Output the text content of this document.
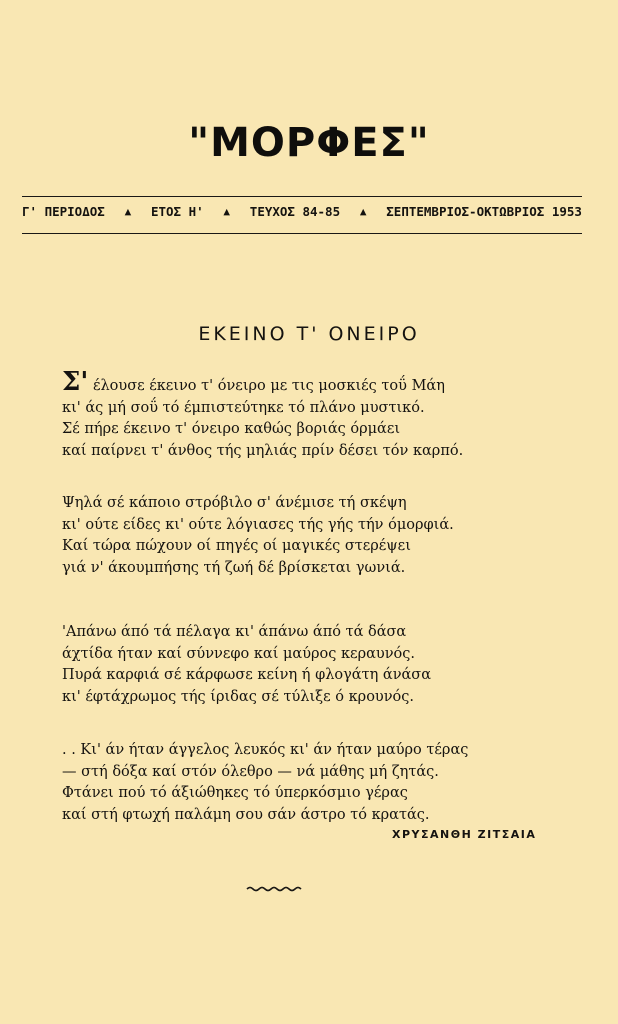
"ΜΟΡΦΕΣ"
Γ' ΠΕΡΙΟΔΟΣ ▲ ΕΤΟΣ Η' ▲ ΤΕΥΧΟΣ 84-85 ▲ ΣΕΠΤΕΜΒΡΙΟΣ-ΟΚΤΩΒΡΙΟΣ 1953
ΕΚΕΙΝΟ Τ' ΟΝΕΙΡΟ
Σ' έλουσε έκεινο τ' όνειρο με τις μοσκιές τοΰ Μάη
κι' άς μή σοΰ τό έμπιστεύτηκε τό πλάνο μυστικό.
Σέ πήρε έκεινο τ' όνειρο καθώς βοριάς όρμάει
καί παίρνει τ' άνθος τής μηλιάς πρίν δέσει τόν καρπό.
Ψηλά σέ κάποιο στρόβιλο σ' άνέμισε τή σκέψη
κι' ούτε είδες κι' ούτε λόγιασες τής γής τήν όμορφιά.
Καί τώρα πώχουν οί πηγές οί μαγικές στερέψει
γιά ν' άκουμπήσης τή ζωή δέ βρίσκεται γωνιά.
'Απάνω άπό τά πέλαγα κι' άπάνω άπό τά δάσα
άχτίδα ήταν καί σύννεφο καί μαύρος κεραυνός.
Πυρά καρφιά σέ κάρφωσε κείνη ή φλογάτη άνάσα
κι' έφτάχρωμος τής ίριδας σέ τύλιξε ό κρουνός.
. . Κι' άν ήταν άγγελος λευκός κι' άν ήταν μαύρο τέρας
— στή δόξα καί στόν όλεθρο — νά μάθης μή ζητάς.
Φτάνει πού τό άξιώθηκες τό ύπερκόσμιο γέρας
καί στή φτωχή παλάμη σου σάν άστρο τό κρατάς.
ΧΡΥΣΑΝΘΗ ΖΙΤΣΑΙΑ
